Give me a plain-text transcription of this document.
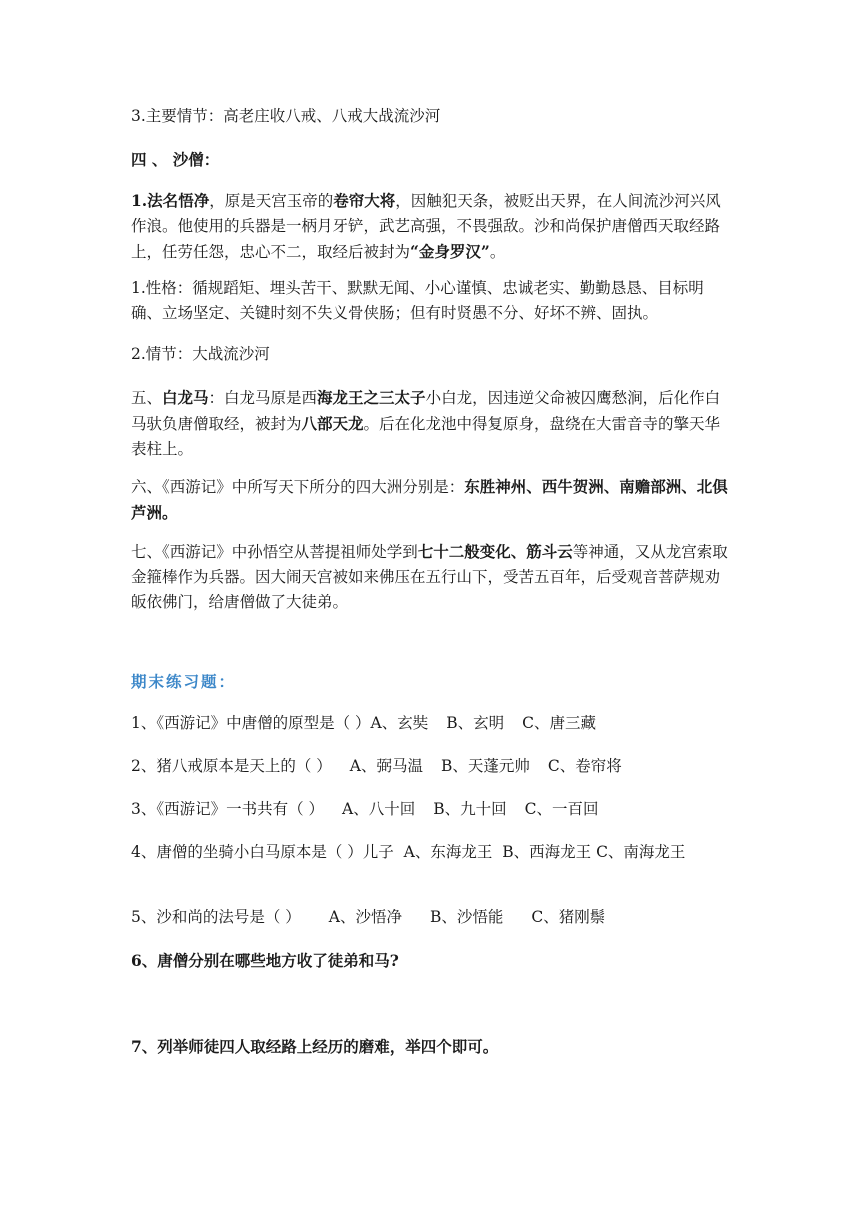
3.主要情节：高老庄收八戒、八戒大战流沙河

四 、 沙僧：

1.法名悟净，原是天宫玉帝的卷帘大将，因触犯天条，被贬出天界，在人间流沙河兴风作浪。他使用的兵器是一柄月牙铲，武艺高强，不畏强敌。沙和尚保护唐僧西天取经路上，任劳任怨，忠心不二，取经后被封为“金身罗汉”。

1.性格：循规蹈矩、埋头苦干、默默无闻、小心谨慎、忠诚老实、勤勤恳恳、目标明确、立场坚定、关键时刻不失义骨侠肠；但有时贤愚不分、好坏不辨、固执。

2.情节：大战流沙河

五、白龙马：白龙马原是西海龙王之三太子小白龙，因违逆父命被囚鹰愁涧，后化作白马驮负唐僧取经，被封为八部天龙。后在化龙池中得复原身，盘绕在大雷音寺的擎天华表柱上。

六、《西游记》中所写天下所分的四大洲分别是：东胜神州、西牛贺洲、南赡部洲、北俱芦洲。

七、《西游记》中孙悟空从菩提祖师处学到七十二般变化、筋斗云等神通，又从龙宫索取金箍棒作为兵器。因大闹天宫被如来佛压在五行山下，受苦五百年，后受观音菩萨规劝皈依佛门，给唐僧做了大徒弟。

期末练习题：

1、《西游记》中唐僧的原型是（ ）A、玄奘 B、玄明 C、唐三藏

2、猪八戒原本是天上的（ ） A、弼马温 B、天蓬元帅 C、卷帘将

3、《西游记》一书共有（ ） A、八十回 B、九十回 C、一百回

4、唐僧的坐骑小白马原本是（ ）儿子 A、东海龙王 B、西海龙王 C、南海龙王

5、沙和尚的法号是（ ） A、沙悟净 B、沙悟能 C、猪刚鬃

6、唐僧分别在哪些地方收了徒弟和马?

7、列举师徒四人取经路上经历的磨难，举四个即可。
